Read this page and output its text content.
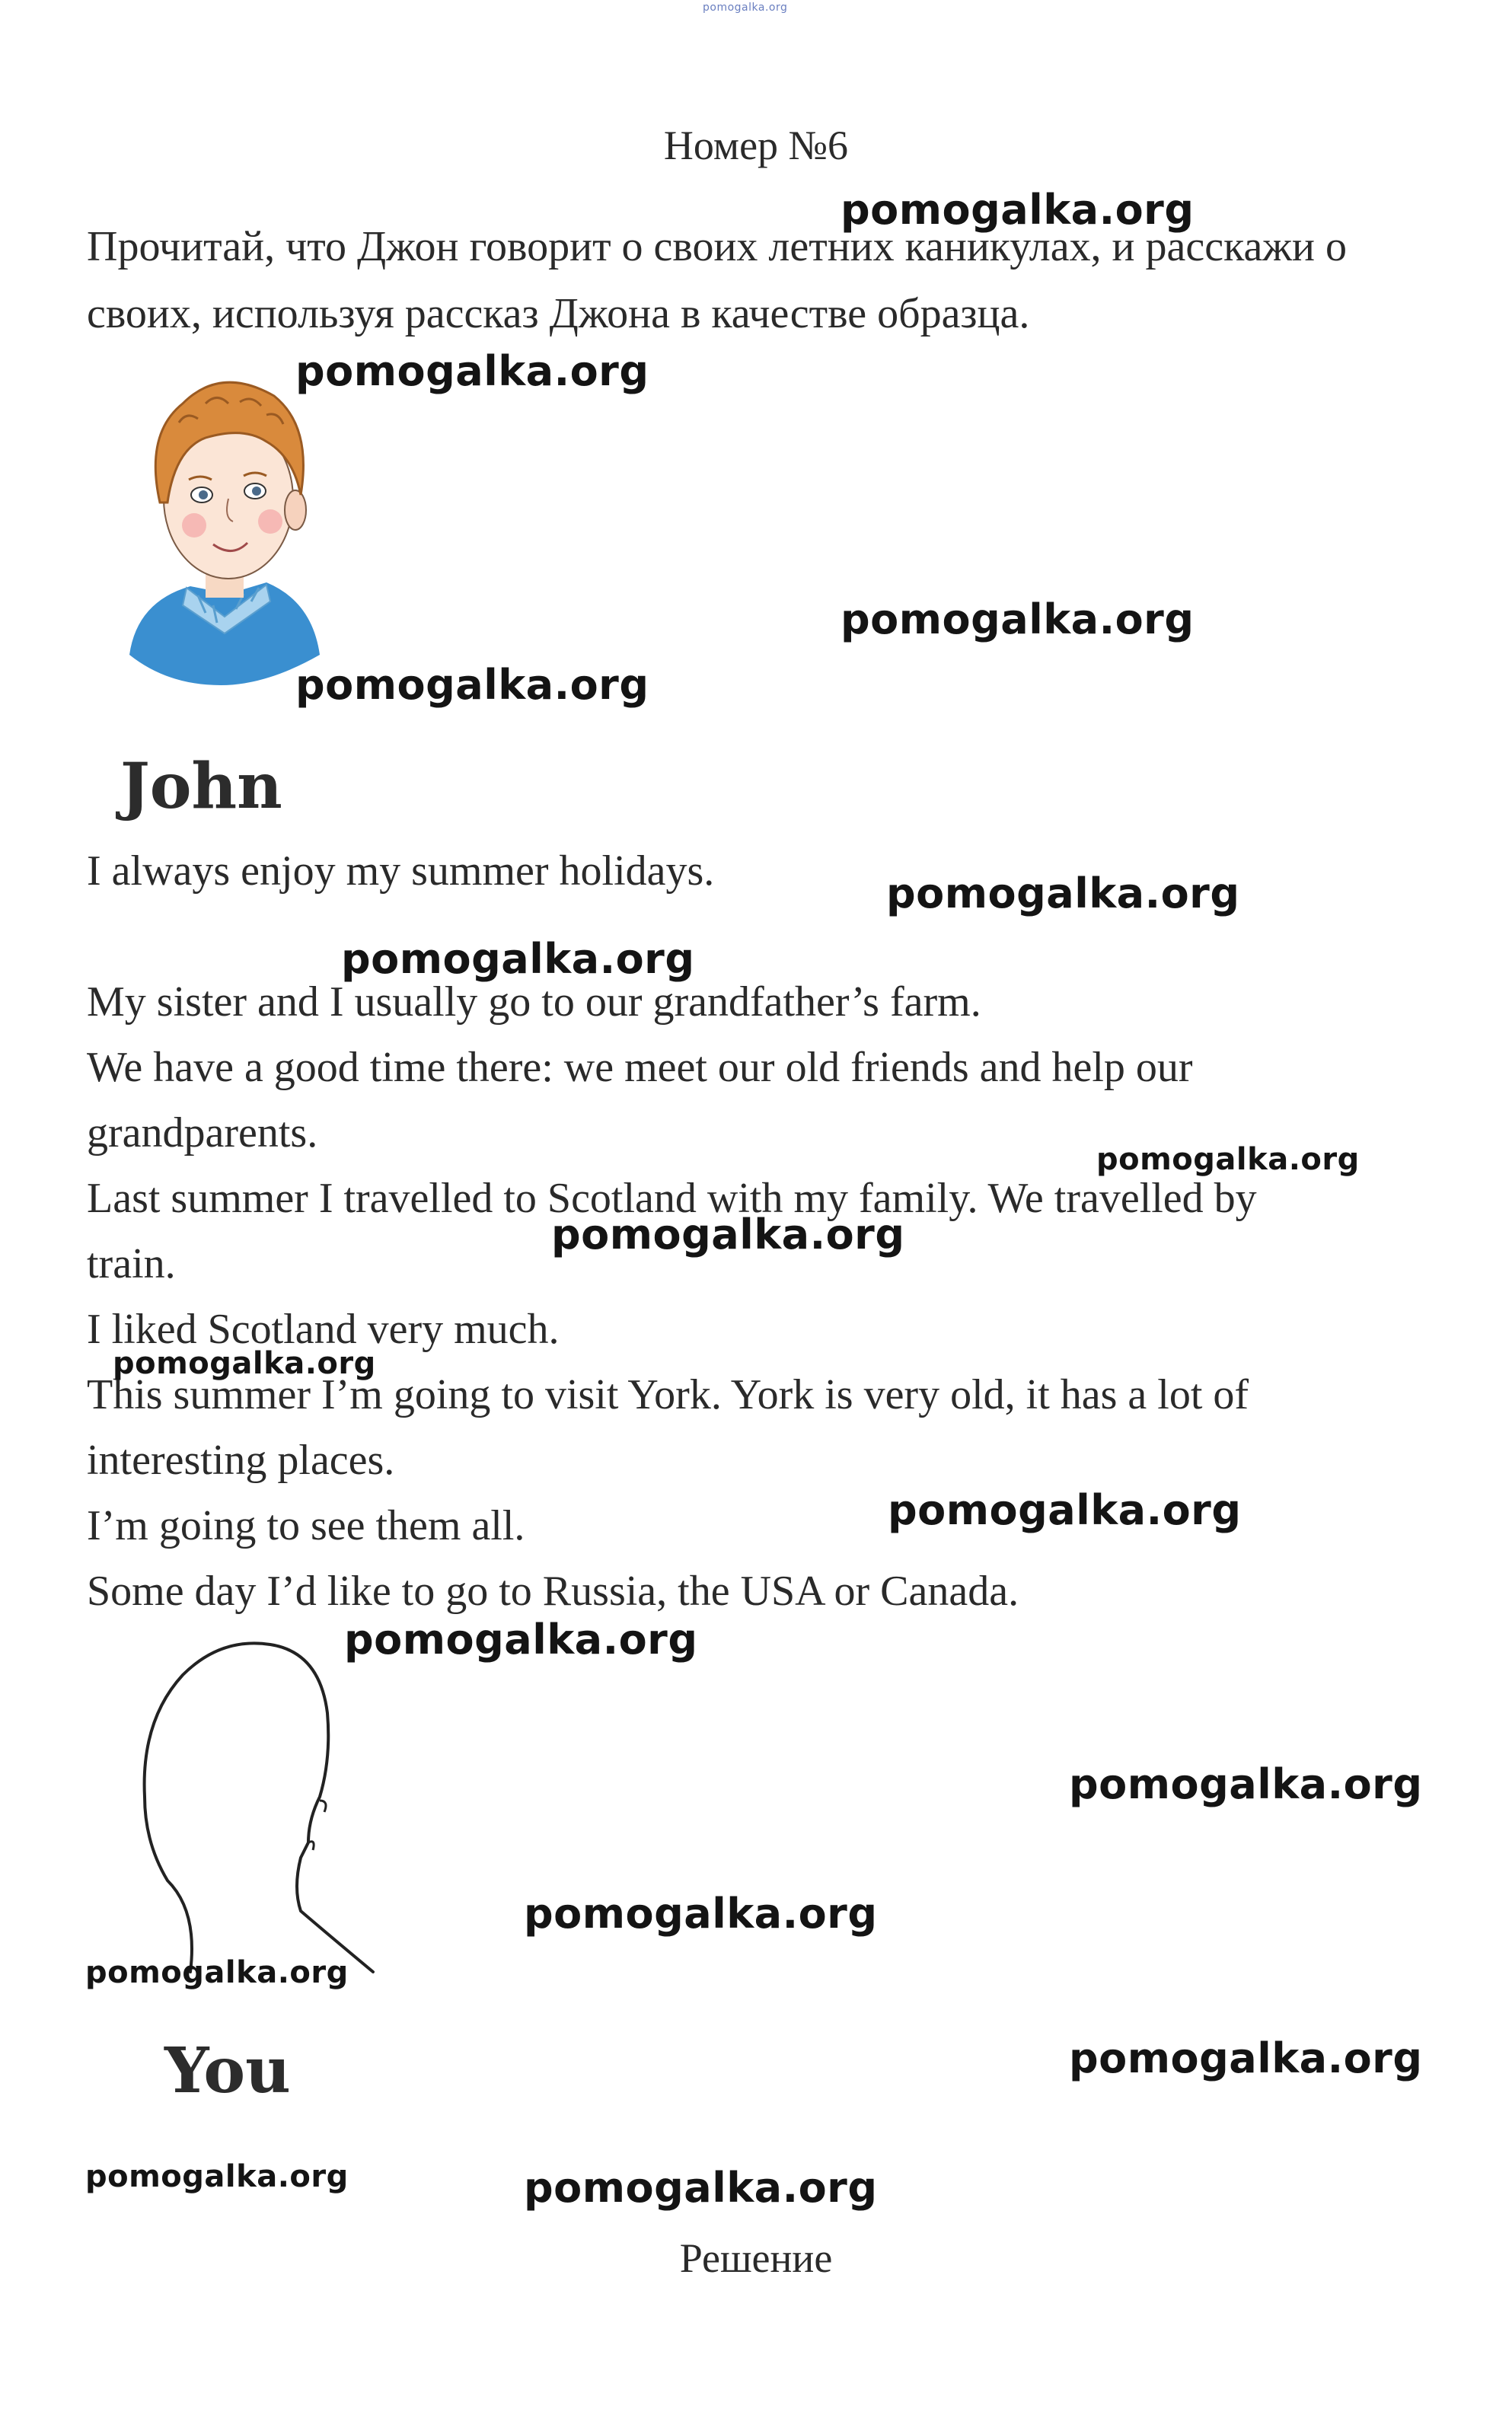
pomogalka.org
Номер №6
Прочитай, что Джон говорит о своих летних каникулах, и расскажи о своих, используя рассказ Джона в качестве образца.
John
I always enjoy my summer holidays.
My sister and I usually go to our grandfather’s farm.
We have a good time there: we meet our old friends and help our
grandparents.
Last summer I travelled to Scotland with my family. We travelled by
train.
I liked Scotland very much.
This summer I’m going to visit York. York is very old, it has a lot of
interesting places.
I’m going to see them all.
Some day I’d like to go to Russia, the USA or Canada.
You
Решение
pomogalka.org
pomogalka.org
pomogalka.org
pomogalka.org
pomogalka.org
pomogalka.org
pomogalka.org
pomogalka.org
pomogalka.org
pomogalka.org
pomogalka.org
pomogalka.org
pomogalka.org
pomogalka.org
pomogalka.org
pomogalka.org	pomogalka.org
